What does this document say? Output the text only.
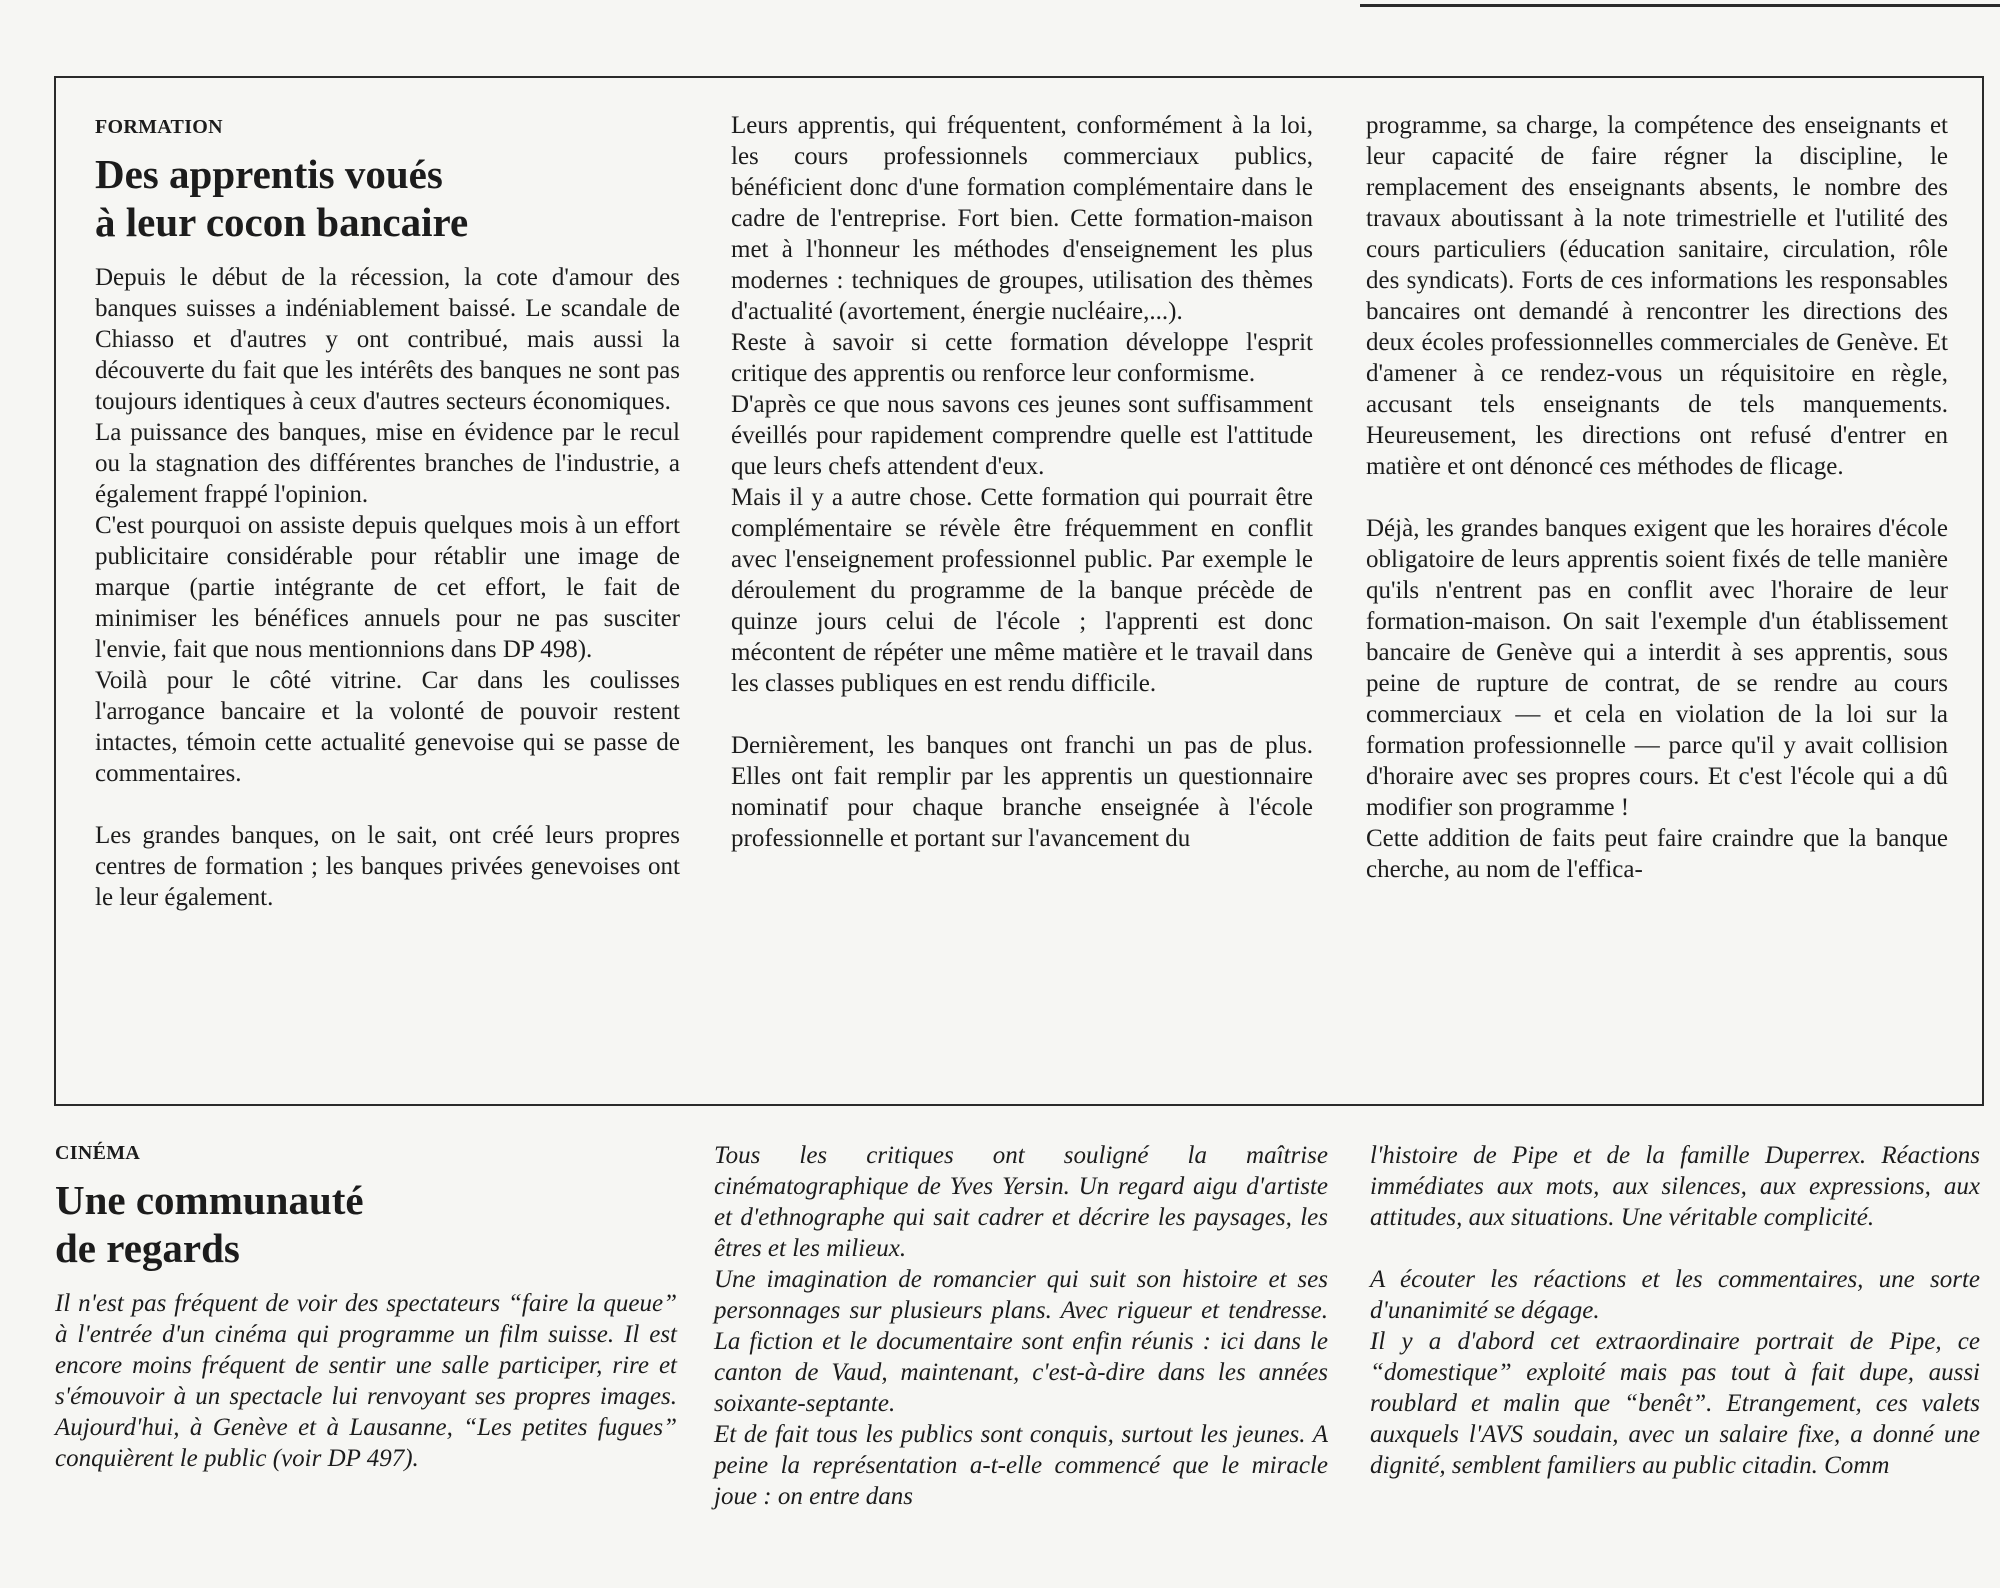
FORMATION
Des apprentis voués
à leur cocon bancaire

Depuis le début de la récession, la cote d'amour des banques suisses a indéniablement baissé. Le scandale de Chiasso et d'autres y ont contribué, mais aussi la découverte du fait que les intérêts des banques ne sont pas toujours identiques à ceux d'autres secteurs économiques.

La puissance des banques, mise en évidence par le recul ou la stagnation des différentes branches de l'industrie, a également frappé l'opinion.

C'est pourquoi on assiste depuis quelques mois à un effort publicitaire considérable pour rétablir une image de marque (partie intégrante de cet effort, le fait de minimiser les bénéfices annuels pour ne pas susciter l'envie, fait que nous mentionnions dans DP 498).

Voilà pour le côté vitrine. Car dans les coulisses l'arrogance bancaire et la volonté de pouvoir restent intactes, témoin cette actualité genevoise qui se passe de commentaires.

Les grandes banques, on le sait, ont créé leurs propres centres de formation ; les banques privées genevoises ont le leur également.

Leurs apprentis, qui fréquentent, conformément à la loi, les cours professionnels commerciaux publics, bénéficient donc d'une formation complémentaire dans le cadre de l'entreprise. Fort bien. Cette formation-maison met à l'honneur les méthodes d'enseignement les plus modernes : techniques de groupes, utilisation des thèmes d'actualité (avortement, énergie nucléaire,...).

Reste à savoir si cette formation développe l'esprit critique des apprentis ou renforce leur conformisme.

D'après ce que nous savons ces jeunes sont suffisamment éveillés pour rapidement comprendre quelle est l'attitude que leurs chefs attendent d'eux.

Mais il y a autre chose. Cette formation qui pourrait être complémentaire se révèle être fréquemment en conflit avec l'enseignement professionnel public. Par exemple le déroulement du programme de la banque précède de quinze jours celui de l'école ; l'apprenti est donc mécontent de répéter une même matière et le travail dans les classes publiques en est rendu difficile.

Dernièrement, les banques ont franchi un pas de plus. Elles ont fait remplir par les apprentis un questionnaire nominatif pour chaque branche enseignée à l'école professionnelle et portant sur l'avancement du

programme, sa charge, la compétence des enseignants et leur capacité de faire régner la discipline, le remplacement des enseignants absents, le nombre des travaux aboutissant à la note trimestrielle et l'utilité des cours particuliers (éducation sanitaire, circulation, rôle des syndicats). Forts de ces informations les responsables bancaires ont demandé à rencontrer les directions des deux écoles professionnelles commerciales de Genève. Et d'amener à ce rendez-vous un réquisitoire en règle, accusant tels enseignants de tels manquements. Heureusement, les directions ont refusé d'entrer en matière et ont dénoncé ces méthodes de flicage.

Déjà, les grandes banques exigent que les horaires d'école obligatoire de leurs apprentis soient fixés de telle manière qu'ils n'entrent pas en conflit avec l'horaire de leur formation-maison. On sait l'exemple d'un établissement bancaire de Genève qui a interdit à ses apprentis, sous peine de rupture de contrat, de se rendre au cours commerciaux — et cela en violation de la loi sur la formation professionnelle — parce qu'il y avait collision d'horaire avec ses propres cours. Et c'est l'école qui a dû modifier son programme !

Cette addition de faits peut faire craindre que la banque cherche, au nom de l'effica-

CINÉMA
Une communauté
de regards

Il n'est pas fréquent de voir des spectateurs “faire la queue” à l'entrée d'un cinéma qui programme un film suisse. Il est encore moins fréquent de sentir une salle participer, rire et s'émouvoir à un spectacle lui renvoyant ses propres images. Aujourd'hui, à Genève et à Lausanne, “Les petites fugues” conquièrent le public (voir DP 497).

Tous les critiques ont souligné la maîtrise cinématographique de Yves Yersin. Un regard aigu d'artiste et d'ethnographe qui sait cadrer et décrire les paysages, les êtres et les milieux.

Une imagination de romancier qui suit son histoire et ses personnages sur plusieurs plans. Avec rigueur et tendresse. La fiction et le documentaire sont enfin réunis : ici dans le canton de Vaud, maintenant, c'est-à-dire dans les années soixante-septante.

Et de fait tous les publics sont conquis, surtout les jeunes. A peine la représentation a-t-elle commencé que le miracle joue : on entre dans

l'histoire de Pipe et de la famille Duperrex. Réactions immédiates aux mots, aux silences, aux expressions, aux attitudes, aux situations. Une véritable complicité.

A écouter les réactions et les commentaires, une sorte d'unanimité se dégage.

Il y a d'abord cet extraordinaire portrait de Pipe, ce “domestique” exploité mais pas tout à fait dupe, aussi roublard et malin que “benêt”. Etrangement, ces valets auxquels l'AVS soudain, avec un salaire fixe, a donné une dignité, semblent familiers au public citadin. Comm
